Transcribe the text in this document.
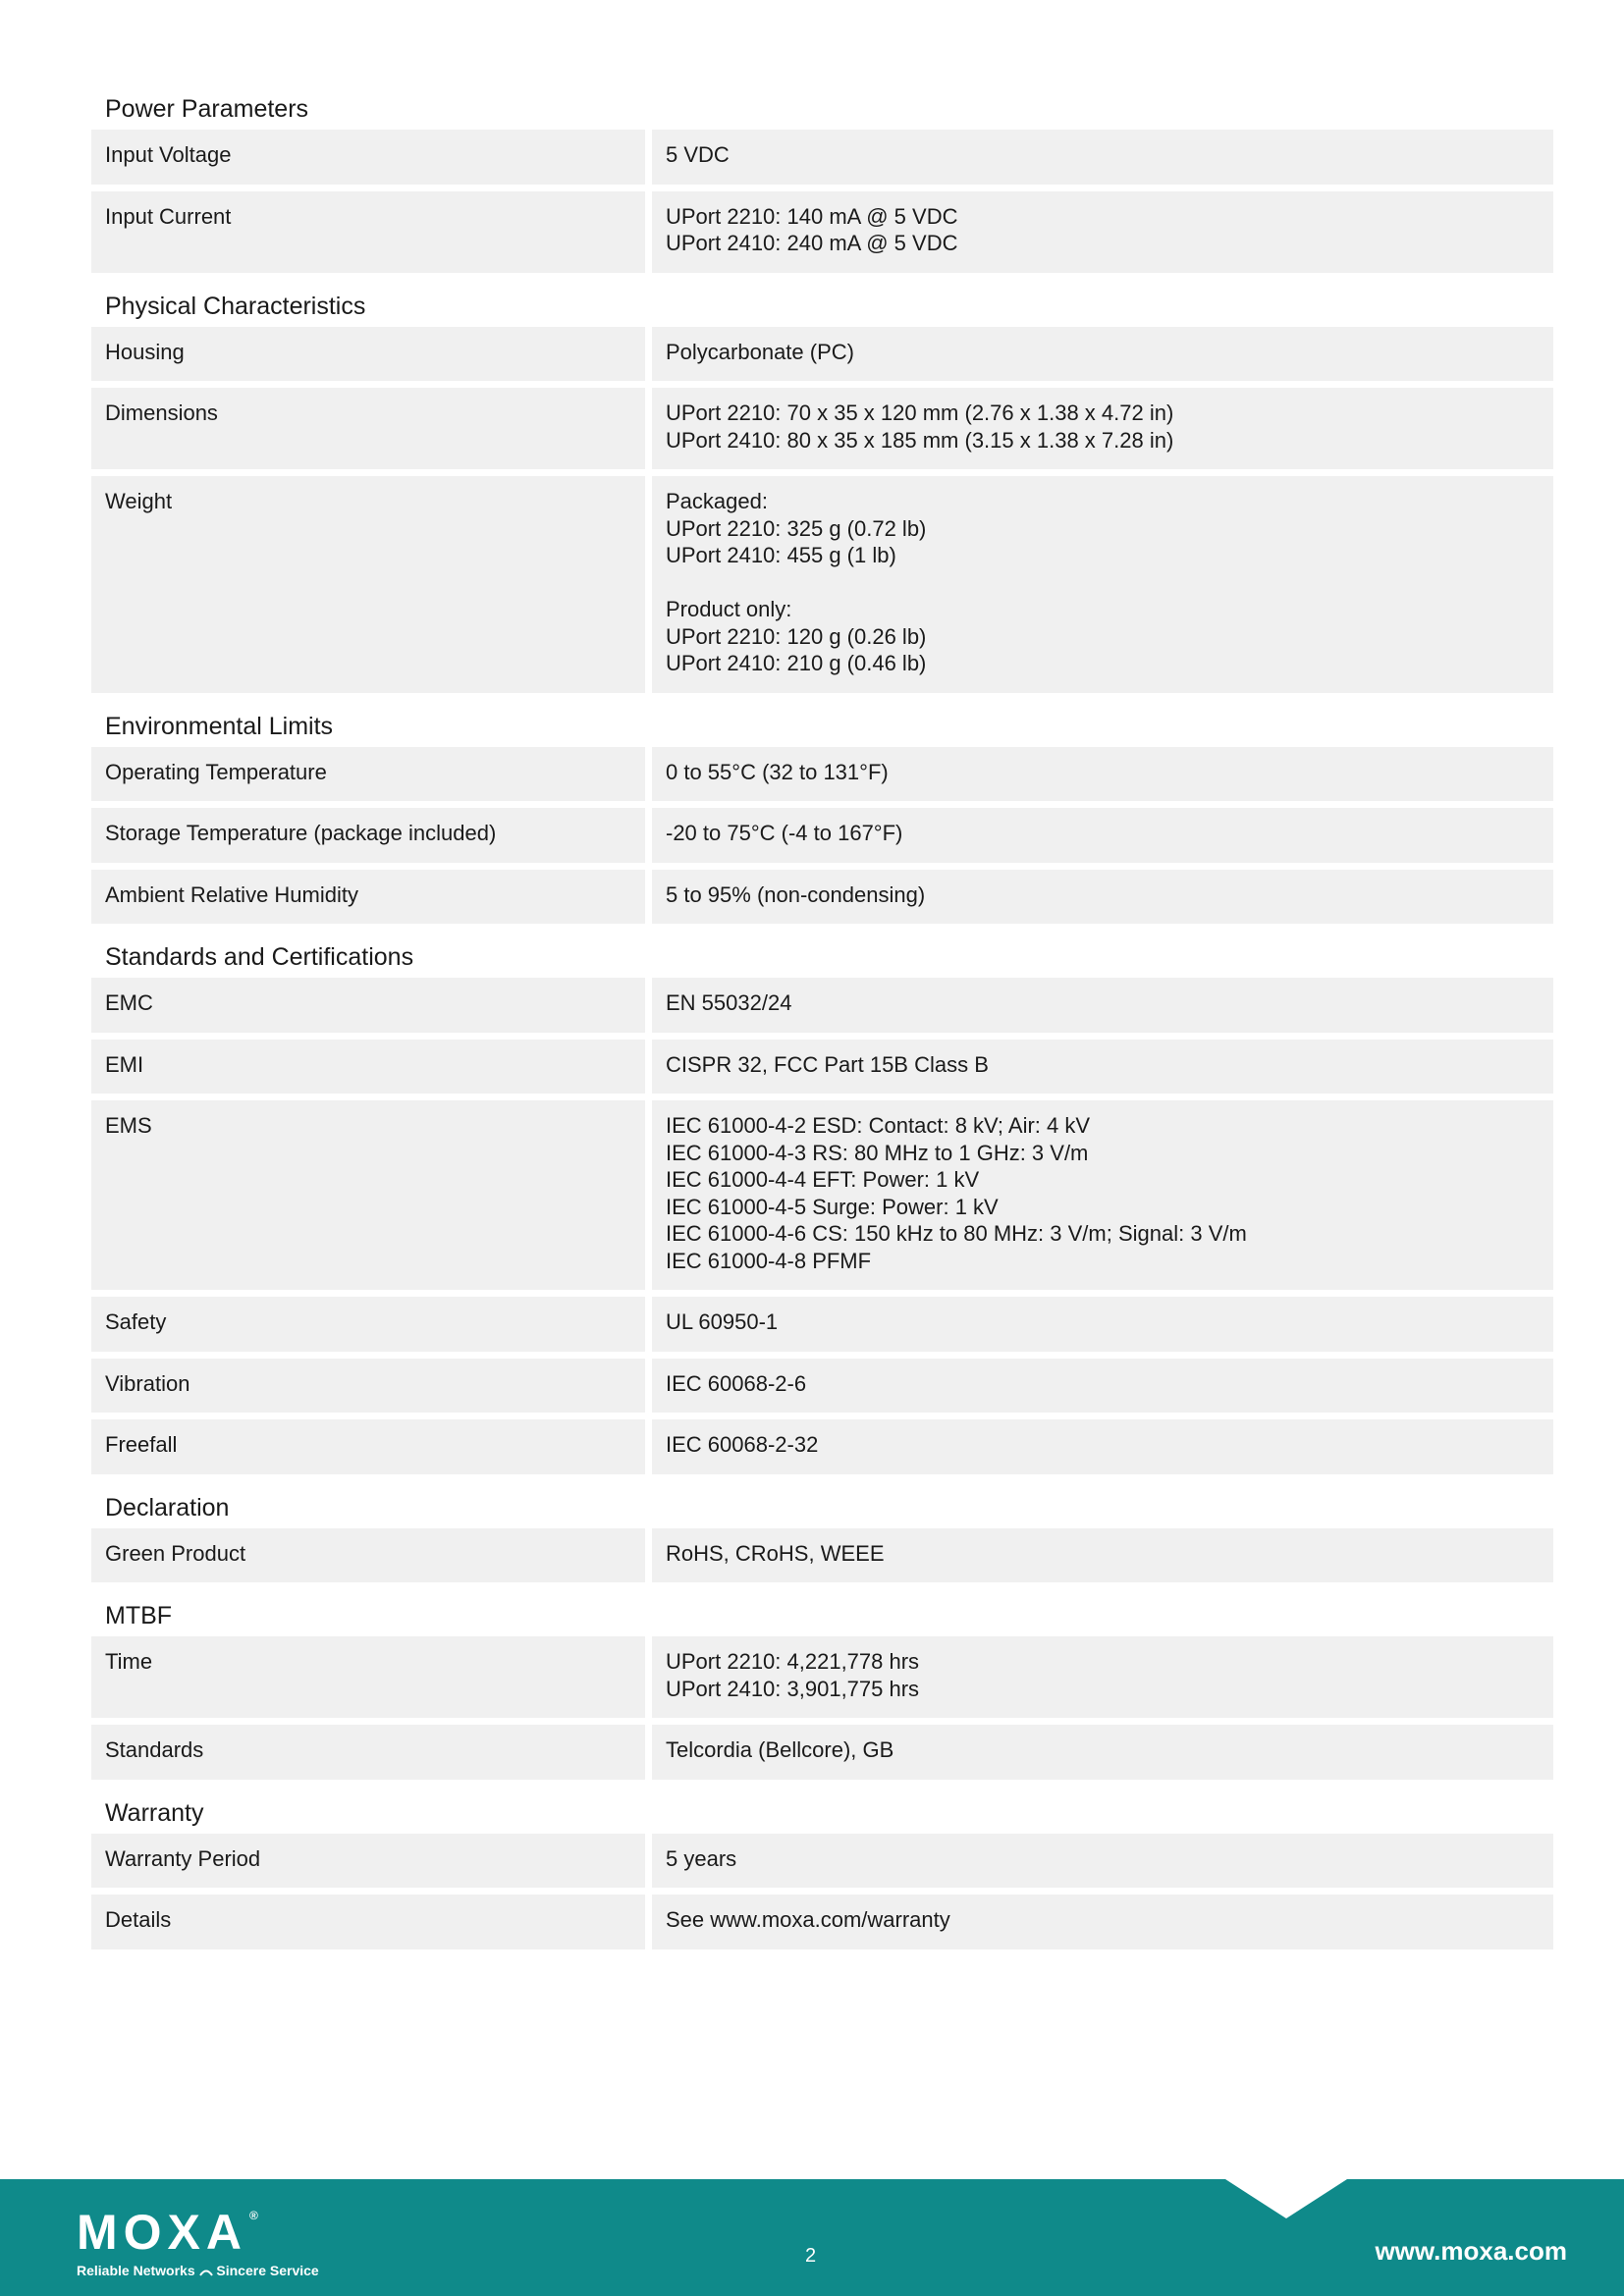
Power Parameters
Input Voltage	5 VDC
Input Current	UPort 2210: 140 mA @ 5 VDC
UPort 2410: 240 mA @ 5 VDC
Physical Characteristics
Housing	Polycarbonate (PC)
Dimensions	UPort 2210: 70 x 35 x 120 mm (2.76 x 1.38 x 4.72 in)
UPort 2410: 80 x 35 x 185 mm (3.15 x 1.38 x 7.28 in)
Weight	Packaged:
UPort 2210: 325 g (0.72 lb)
UPort 2410: 455 g (1 lb)
Product only:
UPort 2210: 120 g (0.26 lb)
UPort 2410: 210 g (0.46 lb)
Environmental Limits
Operating Temperature	0 to 55°C (32 to 131°F)
Storage Temperature (package included)	-20 to 75°C (-4 to 167°F)
Ambient Relative Humidity	5 to 95% (non-condensing)
Standards and Certifications
EMC	EN 55032/24
EMI	CISPR 32, FCC Part 15B Class B
EMS	IEC 61000-4-2 ESD: Contact: 8 kV; Air: 4 kV
IEC 61000-4-3 RS: 80 MHz to 1 GHz: 3 V/m
IEC 61000-4-4 EFT: Power: 1 kV
IEC 61000-4-5 Surge: Power: 1 kV
IEC 61000-4-6 CS: 150 kHz to 80 MHz: 3 V/m; Signal: 3 V/m
IEC 61000-4-8 PFMF
Safety	UL 60950-1
Vibration	IEC 60068-2-6
Freefall	IEC 60068-2-32
Declaration
Green Product	RoHS, CRoHS, WEEE
MTBF
Time	UPort 2210: 4,221,778 hrs
UPort 2410: 3,901,775 hrs
Standards	Telcordia (Bellcore), GB
Warranty
Warranty Period	5 years
Details	See www.moxa.com/warranty
MOXA ®
Reliable Networks Sincere Service
2	www.moxa.com
